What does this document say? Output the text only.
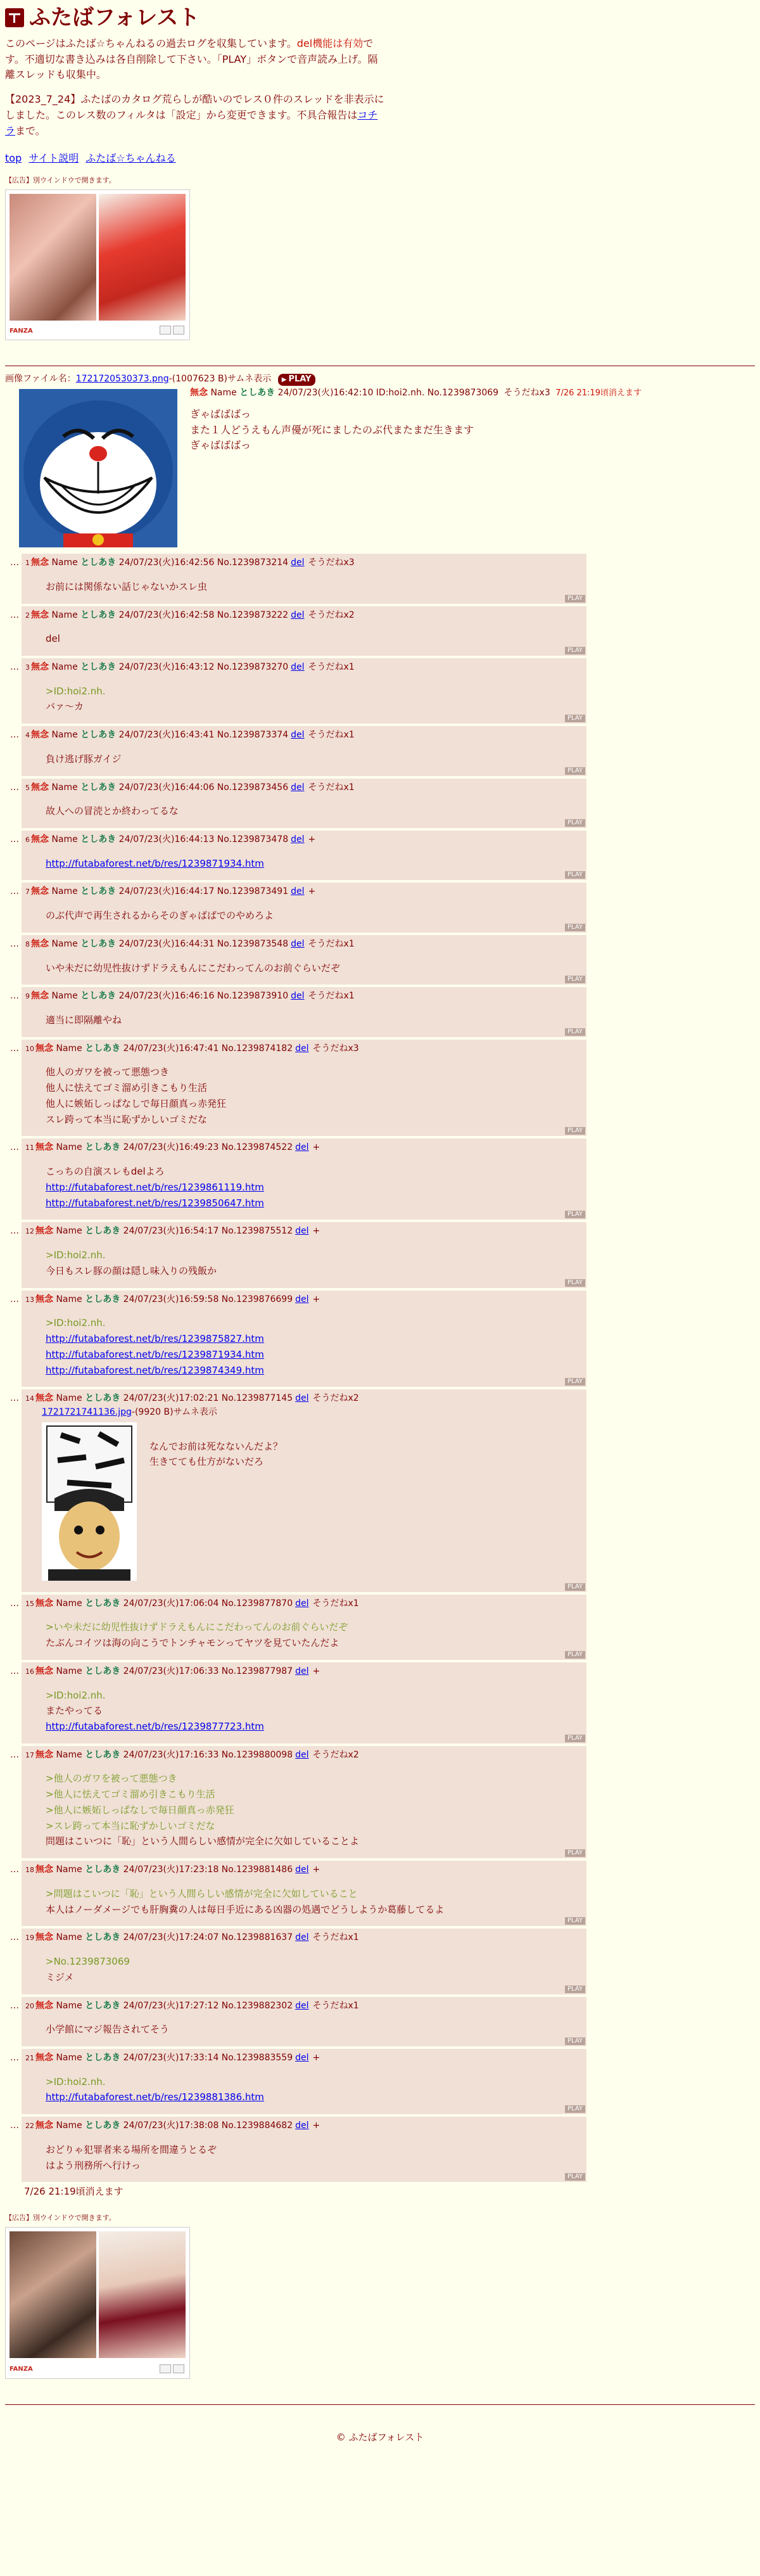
ふたばフォレスト
このページはふたば☆ちゃんねるの過去ログを収集しています。del機能は有効です。不適切な書き込みは各自削除して下さい。「PLAY」ボタンで音声読み上げ。隔離スレッドも収集中。
【2023_7_24】ふたばのカタログ荒らしが酷いのでレス０件のスレッドを非表示にしました。このレス数のフィルタは「設定」から変更できます。不具合報告はコチラまで。
top サイト説明 ふたば☆ちゃんねる
【広告】別ウインドウで開きます。
FANZA
画像ファイル名：1721720530373.png-(1007623 B)サムネ表示 ▶ PLAY
無念 Name としあき 24/07/23(火)16:42:10 ID:hoi2.nh. No.1239873069 そうだねx3 7/26 21:19頃消えます
ぎゃばばばっ
また１人どうえもん声優が死にましたのぶ代またまだ生きます
ぎゃばばばっ
… 1 無念 Name としあき 24/07/23(火)16:42:56 No.1239873214 del そうだねx3
お前には関係ない話じゃないかスレ虫
PLAY
… 2 無念 Name としあき 24/07/23(火)16:42:58 No.1239873222 del そうだねx2
del
PLAY
… 3 無念 Name としあき 24/07/23(火)16:43:12 No.1239873270 del そうだねx1
>ID:hoi2.nh.
バァ〜カ
PLAY
… 4 無念 Name としあき 24/07/23(火)16:43:41 No.1239873374 del そうだねx1
負け逃げ豚ガイジ
PLAY
… 5 無念 Name としあき 24/07/23(火)16:44:06 No.1239873456 del そうだねx1
故人への冒涜とか終わってるな
PLAY
… 6 無念 Name としあき 24/07/23(火)16:44:13 No.1239873478 del +
http://futabaforest.net/b/res/1239871934.htm
PLAY
… 7 無念 Name としあき 24/07/23(火)16:44:17 No.1239873491 del +
のぶ代声で再生されるからそのぎゃばばでのやめろよ
PLAY
… 8 無念 Name としあき 24/07/23(火)16:44:31 No.1239873548 del そうだねx1
いや未だに幼児性抜けずドラえもんにこだわってんのお前ぐらいだぞ
PLAY
… 9 無念 Name としあき 24/07/23(火)16:46:16 No.1239873910 del そうだねx1
適当に即隔離やね
PLAY
… 10 無念 Name としあき 24/07/23(火)16:47:41 No.1239874182 del そうだねx3
他人のガワを被って悪態つき
他人に怯えてゴミ溜め引きこもり生活
他人に嫉妬しっぱなしで毎日顔真っ赤発狂
スレ跨って本当に恥ずかしいゴミだな
PLAY
… 11 無念 Name としあき 24/07/23(火)16:49:23 No.1239874522 del +
こっちの自演スレもdelよろ
http://futabaforest.net/b/res/1239861119.htm
http://futabaforest.net/b/res/1239850647.htm
PLAY
… 12 無念 Name としあき 24/07/23(火)16:54:17 No.1239875512 del +
>ID:hoi2.nh.
今日もスレ豚の顔は隠し味入りの残飯か
PLAY
… 13 無念 Name としあき 24/07/23(火)16:59:58 No.1239876699 del +
>ID:hoi2.nh.
http://futabaforest.net/b/res/1239875827.htm
http://futabaforest.net/b/res/1239871934.htm
http://futabaforest.net/b/res/1239874349.htm
PLAY
… 14 無念 Name としあき 24/07/23(火)17:02:21 No.1239877145 del そうだねx2
1721721741136.jpg-(9920 B)サムネ表示
なんでお前は死なないんだよ？
生きてても仕方がないだろ
PLAY
… 15 無念 Name としあき 24/07/23(火)17:06:04 No.1239877870 del そうだねx1
>いや未だに幼児性抜けずドラえもんにこだわってんのお前ぐらいだぞ
たぶんコイツは海の向こうでトンチャモンってヤツを見ていたんだよ
PLAY
… 16 無念 Name としあき 24/07/23(火)17:06:33 No.1239877987 del +
>ID:hoi2.nh.
またやってる
http://futabaforest.net/b/res/1239877723.htm
PLAY
… 17 無念 Name としあき 24/07/23(火)17:16:33 No.1239880098 del そうだねx2
>他人のガワを被って悪態つき
>他人に怯えてゴミ溜め引きこもり生活
>他人に嫉妬しっぱなしで毎日顔真っ赤発狂
>スレ跨って本当に恥ずかしいゴミだな
問題はこいつに「恥」という人間らしい感情が完全に欠如していることよ
PLAY
… 18 無念 Name としあき 24/07/23(火)17:23:18 No.1239881486 del +
>問題はこいつに「恥」という人間らしい感情が完全に欠如していること
本人はノーダメージでも肝胸糞の人は毎日手近にある凶器の処遇でどうしようか葛藤してるよ
PLAY
… 19 無念 Name としあき 24/07/23(火)17:24:07 No.1239881637 del そうだねx1
>No.1239873069
ミジメ
PLAY
… 20 無念 Name としあき 24/07/23(火)17:27:12 No.1239882302 del そうだねx1
小学館にマジ報告されてそう
PLAY
… 21 無念 Name としあき 24/07/23(火)17:33:14 No.1239883559 del +
>ID:hoi2.nh.
http://futabaforest.net/b/res/1239881386.htm
PLAY
… 22 無念 Name としあき 24/07/23(火)17:38:08 No.1239884682 del +
おどりゃ犯罪者来る場所を間違うとるぞ
はよう刑務所へ行けっ
PLAY
7/26 21:19頃消えます
【広告】別ウインドウで開きます。
FANZA
© ふたばフォレスト
